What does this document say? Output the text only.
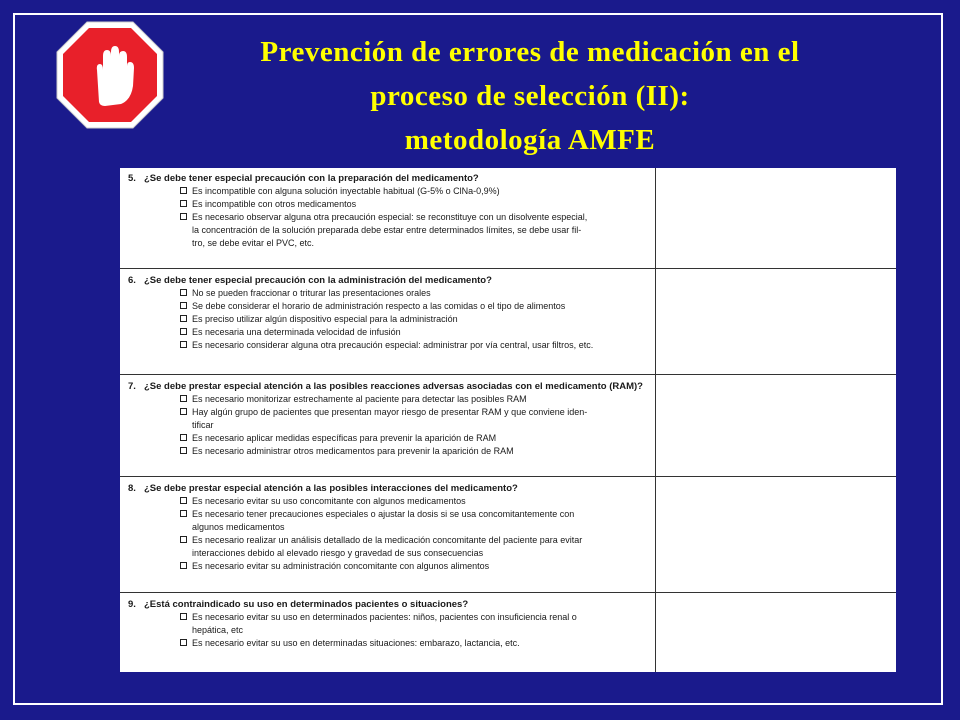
Prevención de errores de medicación en el
proceso de selección (II):
metodología AMFE
5. ¿Se debe tener especial precaución con la preparación del medicamento?
Es incompatible con alguna solución inyectable habitual (G-5% o ClNa-0,9%)
Es incompatible con otros medicamentos
Es necesario observar alguna otra precaución especial: se reconstituye con un disolvente especial,
la concentración de la solución preparada debe estar entre determinados límites, se debe usar fil-
tro, se debe evitar el PVC, etc.
6. ¿Se debe tener especial precaución con la administración del medicamento?
No se pueden fraccionar o triturar las presentaciones orales
Se debe considerar el horario de administración respecto a las comidas o el tipo de alimentos
Es preciso utilizar algún dispositivo especial para la administración
Es necesaria una determinada velocidad de infusión
Es necesario considerar alguna otra precaución especial: administrar por vía central, usar filtros, etc.
7. ¿Se debe prestar especial atención a las posibles reacciones adversas asociadas con el medicamento (RAM)?
Es necesario monitorizar estrechamente al paciente para detectar las posibles RAM
Hay algún grupo de pacientes que presentan mayor riesgo de presentar RAM y que conviene iden-
tificar
Es necesario aplicar medidas específicas para prevenir la aparición de RAM
Es necesario administrar otros medicamentos para prevenir la aparición de RAM
8. ¿Se debe prestar especial atención a las posibles interacciones del medicamento?
Es necesario evitar su uso concomitante con algunos medicamentos
Es necesario tener precauciones especiales o ajustar la dosis si se usa concomitantemente con
algunos medicamentos
Es necesario realizar un análisis detallado de la medicación concomitante del paciente para evitar
interacciones debido al elevado riesgo y gravedad de sus consecuencias
Es necesario evitar su administración concomitante con algunos alimentos
9. ¿Está contraindicado su uso en determinados pacientes o situaciones?
Es necesario evitar su uso en determinados pacientes: niños, pacientes con insuficiencia renal o
hepática, etc
Es necesario evitar su uso en determinadas situaciones: embarazo, lactancia, etc.
